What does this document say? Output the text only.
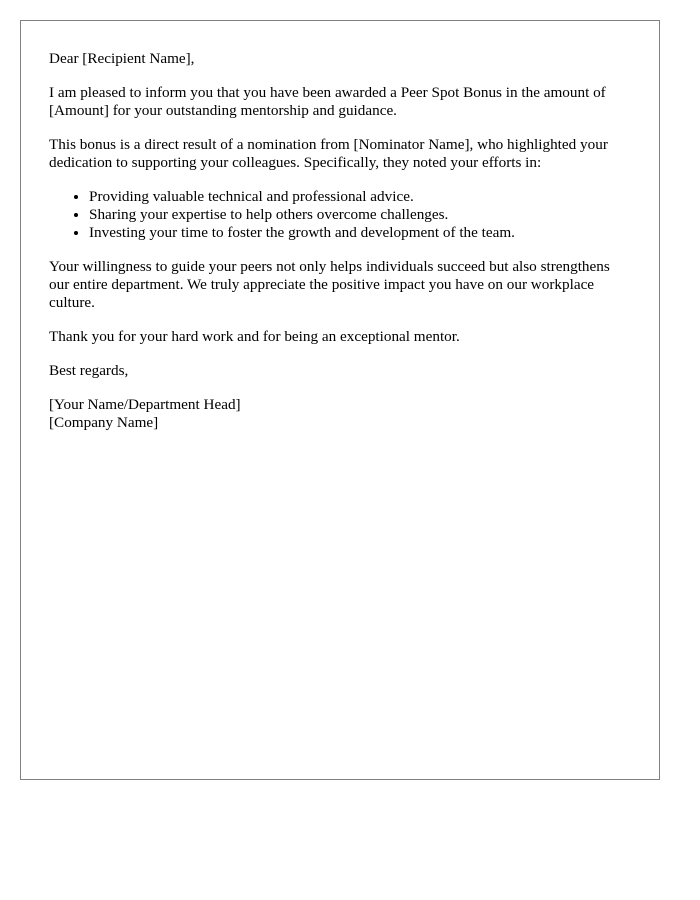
Dear [Recipient Name],

I am pleased to inform you that you have been awarded a Peer Spot Bonus in the amount of [Amount] for your outstanding mentorship and guidance.

This bonus is a direct result of a nomination from [Nominator Name], who highlighted your dedication to supporting your colleagues. Specifically, they noted your efforts in:

• Providing valuable technical and professional advice.
• Sharing your expertise to help others overcome challenges.
• Investing your time to foster the growth and development of the team.

Your willingness to guide your peers not only helps individuals succeed but also strengthens our entire department. We truly appreciate the positive impact you have on our workplace culture.

Thank you for your hard work and for being an exceptional mentor.

Best regards,

[Your Name/Department Head]
[Company Name]
